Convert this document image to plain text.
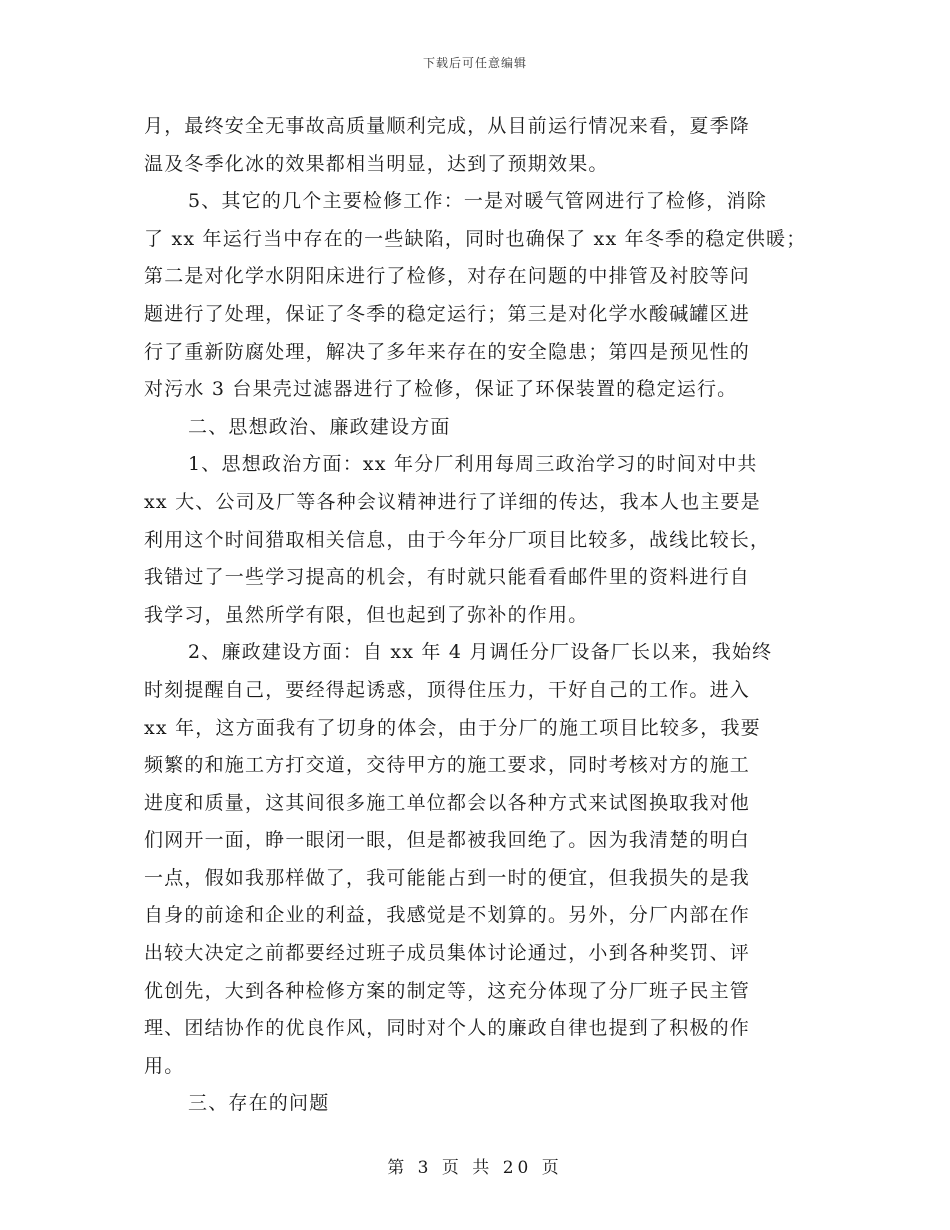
下载后可任意编辑
月，最终安全无事故高质量顺利完成，从目前运行情况来看，夏季降
温及冬季化冰的效果都相当明显，达到了预期效果。
5、其它的几个主要检修工作：一是对暖气管网进行了检修，消除
了 xx 年运行当中存在的一些缺陷，同时也确保了 xx 年冬季的稳定供暖；
第二是对化学水阴阳床进行了检修，对存在问题的中排管及衬胶等问
题进行了处理，保证了冬季的稳定运行；第三是对化学水酸碱罐区进
行了重新防腐处理，解决了多年来存在的安全隐患；第四是预见性的
对污水 3 台果壳过滤器进行了检修，保证了环保装置的稳定运行。
二、思想政治、廉政建设方面
1、思想政治方面：xx 年分厂利用每周三政治学习的时间对中共
xx 大、公司及厂等各种会议精神进行了详细的传达，我本人也主要是
利用这个时间猎取相关信息，由于今年分厂项目比较多，战线比较长，
我错过了一些学习提高的机会，有时就只能看看邮件里的资料进行自
我学习，虽然所学有限，但也起到了弥补的作用。
2、廉政建设方面：自 xx 年 4 月调任分厂设备厂长以来，我始终
时刻提醒自己，要经得起诱惑，顶得住压力，干好自己的工作。进入
xx 年，这方面我有了切身的体会，由于分厂的施工项目比较多，我要
频繁的和施工方打交道，交待甲方的施工要求，同时考核对方的施工
进度和质量，这其间很多施工单位都会以各种方式来试图换取我对他
们网开一面，睁一眼闭一眼，但是都被我回绝了。因为我清楚的明白
一点，假如我那样做了，我可能能占到一时的便宜，但我损失的是我
自身的前途和企业的利益，我感觉是不划算的。另外，分厂内部在作
出较大决定之前都要经过班子成员集体讨论通过，小到各种奖罚、评
优创先，大到各种检修方案的制定等，这充分体现了分厂班子民主管
理、团结协作的优良作风，同时对个人的廉政自律也提到了积极的作
用。
三、存在的问题
第 3 页 共 20 页
